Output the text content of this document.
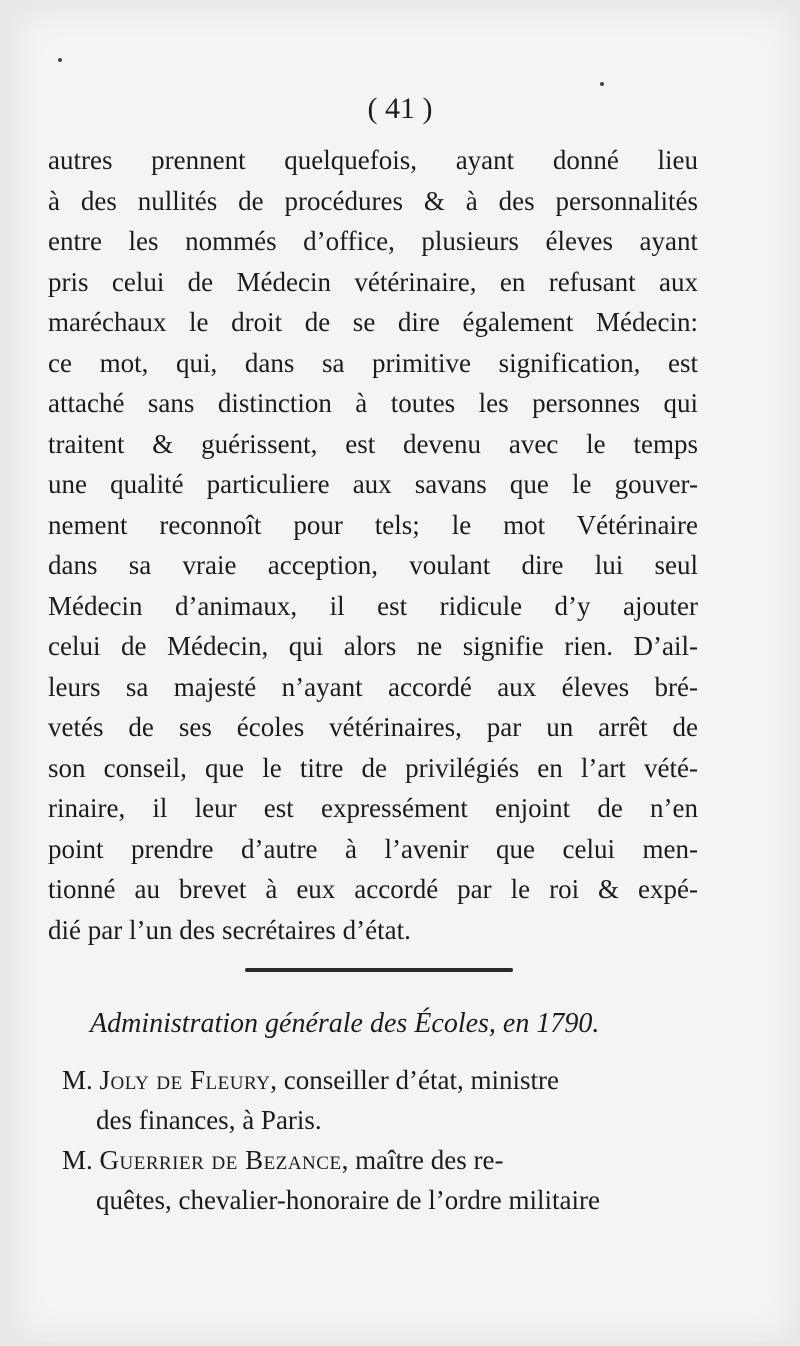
( 41 )
autres prennent quelquefois, ayant donné lieu
à des nullités de procédures & à des personnalités
entre les nommés d’office, plusieurs éleves ayant
pris celui de Médecin vétérinaire, en refusant aux
maréchaux le droit de se dire également Médecin:
ce mot, qui, dans sa primitive signification, est
attaché sans distinction à toutes les personnes qui
traitent & guérissent, est devenu avec le temps
une qualité particuliere aux savans que le gouver-
nement reconnoît pour tels; le mot Vétérinaire
dans sa vraie acception, voulant dire lui seul
Médecin d’animaux, il est ridicule d’y ajouter
celui de Médecin, qui alors ne signifie rien. D’ail-
leurs sa majesté n’ayant accordé aux éleves bré-
vetés de ses écoles vétérinaires, par un arrêt de
son conseil, que le titre de privilégiés en l’art vété-
rinaire, il leur est expressément enjoint de n’en
point prendre d’autre à l’avenir que celui men-
tionné au brevet à eux accordé par le roi & expé-
dié par l’un des secrétaires d’état.
Administration générale des Écoles, en 1790.
M. Joly de Fleury, conseiller d’état, ministre
des finances, à Paris.
M. Guerrier de Bezance, maître des re-
quêtes, chevalier-honoraire de l’ordre militaire
